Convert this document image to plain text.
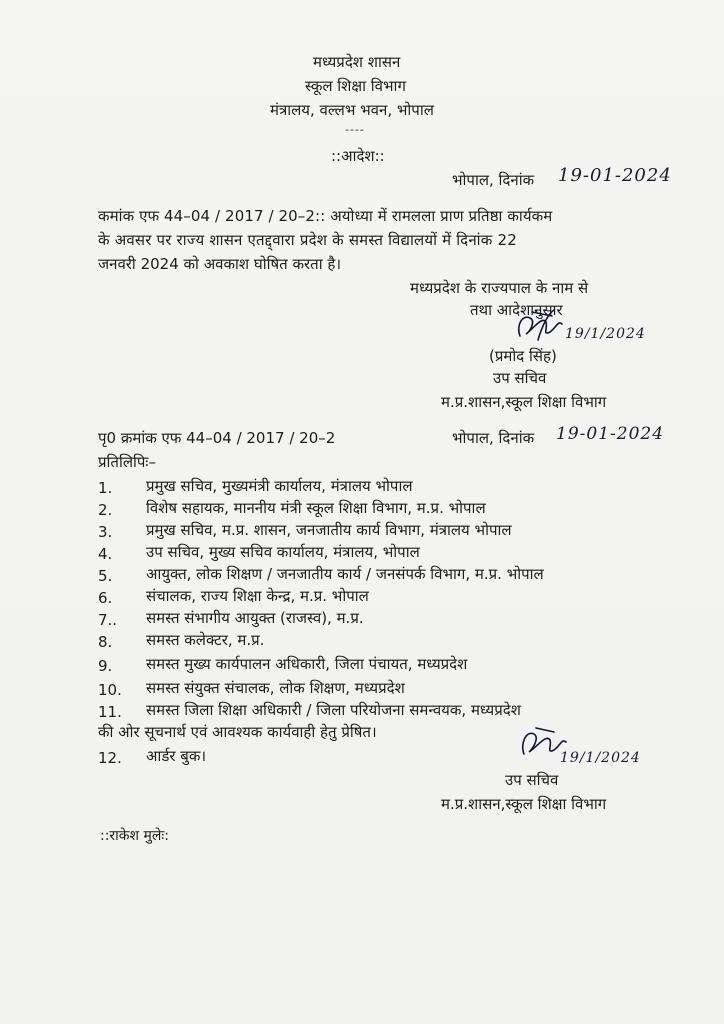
मध्यप्रदेश शासन
स्कूल शिक्षा विभाग
मंत्रालय, वल्लभ भवन, भोपाल
----
::आदेश::
भोपाल, दिनांक 19-01-2024
कमांक एफ 44–04 / 2017 / 20–2:: अयोध्या में रामलला प्राण प्रतिष्ठा कार्यकम
के अवसर पर राज्य शासन एतद्द्वारा प्रदेश के समस्त विद्यालयों में दिनांक 22
जनवरी 2024 को अवकाश घोषित करता है।
मध्यप्रदेश के राज्यपाल के नाम से
तथा आदेशानुसार
19/1/2024
(प्रमोद सिंह)
उप सचिव
म.प्र.शासन,स्कूल शिक्षा विभाग
पृ0 क्रमांक एफ 44–04 / 2017 / 20–2	भोपाल, दिनांक 19-01-2024
प्रतिलिपिः–
1. प्रमुख सचिव, मुख्यमंत्री कार्यालय, मंत्रालय भोपाल
2. विशेष सहायक, माननीय मंत्री स्कूल शिक्षा विभाग, म.प्र. भोपाल
3. प्रमुख सचिव, म.प्र. शासन, जनजातीय कार्य विभाग, मंत्रालय भोपाल
4. उप सचिव, मुख्य सचिव कार्यालय, मंत्रालय, भोपाल
5. आयुक्त, लोक शिक्षण / जनजातीय कार्य / जनसंपर्क विभाग, म.प्र. भोपाल
6. संचालक, राज्य शिक्षा केन्द्र, म.प्र. भोपाल
7.. समस्त संभागीय आयुक्त (राजस्व), म.प्र.
8. समस्त कलेक्टर, म.प्र.
9. समस्त मुख्य कार्यपालन अधिकारी, जिला पंचायत, मध्यप्रदेश
10. समस्त संयुक्त संचालक, लोक शिक्षण, मध्यप्रदेश
11. समस्त जिला शिक्षा अधिकारी / जिला परियोजना समन्वयक, मध्यप्रदेश
की ओर सूचनार्थ एवं आवश्यक कार्यवाही हेतु प्रेषित।
12. आर्डर बुक।	19/1/2024
उप सचिव
म.प्र.शासन,स्कूल शिक्षा विभाग
::राकेश मुलेः:
